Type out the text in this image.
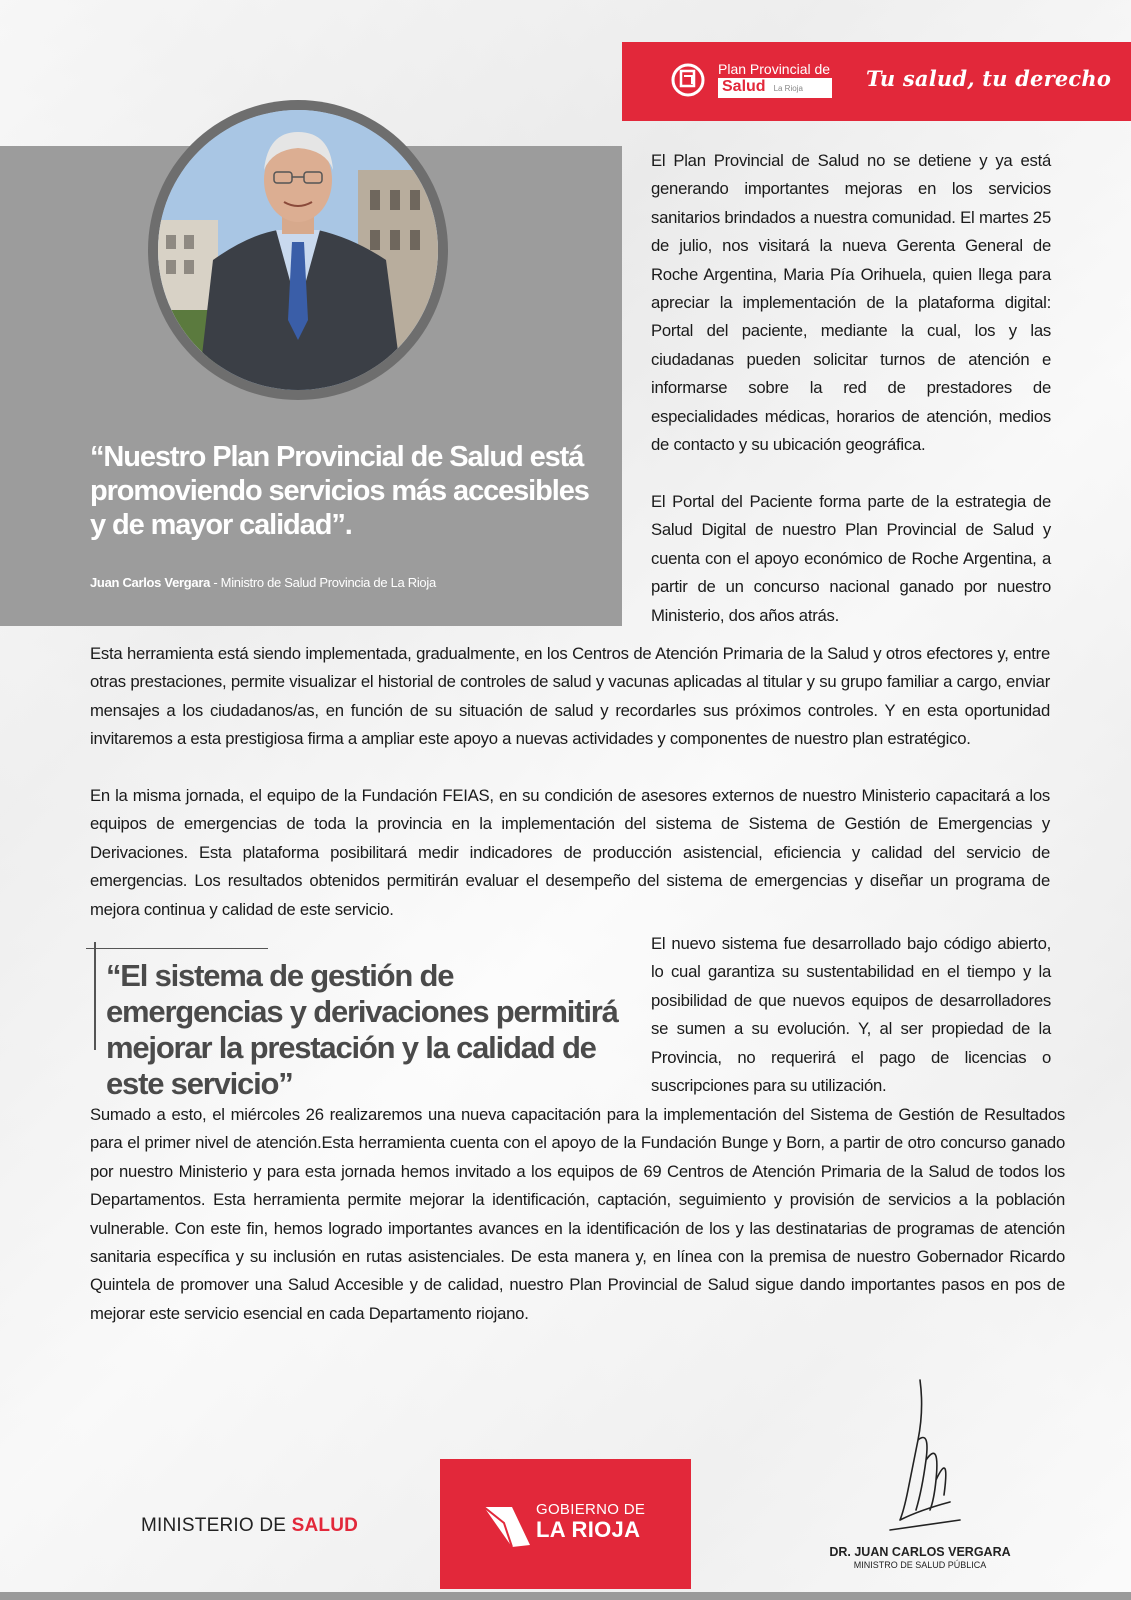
Plan Provincial de
Salud La Rioja	Tu salud, tu derecho
“Nuestro Plan Provincial de Salud está promoviendo servicios más accesibles y de mayor calidad”.
Juan Carlos Vergara - Ministro de Salud Provincia de La Rioja

El Plan Provincial de Salud no se detiene y ya está generando importantes mejoras en los servicios sanitarios brindados a nuestra comunidad. El martes 25 de julio, nos visitará la nueva Gerenta General de Roche Argentina, Maria Pía Orihuela, quien llega para apreciar la implementación de la plataforma digital: Portal del paciente, mediante la cual, los y las ciudadanas pueden solicitar turnos de atención e informarse sobre la red de prestadores de especialidades médicas, horarios de atención, medios de contacto y su ubicación geográfica.

El Portal del Paciente forma parte de la estrategia de Salud Digital de nuestro Plan Provincial de Salud y cuenta con el apoyo económico de Roche Argentina, a partir de un concurso nacional ganado por nuestro Ministerio, dos años atrás.

Esta herramienta está siendo implementada, gradualmente, en los Centros de Atención Primaria de la Salud y otros efectores y, entre otras prestaciones, permite visualizar el historial de controles de salud y vacunas aplicadas al titular y su grupo familiar a cargo, enviar mensajes a los ciudadanos/as, en función de su situación de salud y recordarles sus próximos controles. Y en esta oportunidad invitaremos a esta prestigiosa firma a ampliar este apoyo a nuevas actividades y componentes de nuestro plan estratégico.

En la misma jornada, el equipo de la Fundación FEIAS, en su condición de asesores externos de nuestro Ministerio capacitará a los equipos de emergencias de toda la provincia en la implementación del sistema de Sistema de Gestión de Emergencias y Derivaciones. Esta plataforma posibilitará medir indicadores de producción asistencial, eficiencia y calidad del servicio de emergencias. Los resultados obtenidos permitirán evaluar el desempeño del sistema de emergencias y diseñar un programa de mejora continua y calidad de este servicio.

“El sistema de gestión de emergencias y derivaciones permitirá mejorar la prestación y la calidad de este servicio”

El nuevo sistema fue desarrollado bajo código abierto, lo cual garantiza su sustentabilidad en el tiempo y la posibilidad de que nuevos equipos de desarrolladores se sumen a su evolución. Y, al ser propiedad de la Provincia, no requerirá el pago de licencias o suscripciones para su utilización.

Sumado a esto, el miércoles 26 realizaremos una nueva capacitación para la implementación del Sistema de Gestión de Resultados para el primer nivel de atención.Esta herramienta cuenta con el apoyo de la Fundación Bunge y Born, a partir de otro concurso ganado por nuestro Ministerio y para esta jornada hemos invitado a los equipos de 69 Centros de Atención Primaria de la Salud de todos los Departamentos. Esta herramienta permite mejorar la identificación, captación, seguimiento y provisión de servicios a la población vulnerable. Con este fin, hemos logrado importantes avances en la identificación de los y las destinatarias de programas de atención sanitaria específica y su inclusión en rutas asistenciales. De esta manera y, en línea con la premisa de nuestro Gobernador Ricardo Quintela de promover una Salud Accesible y de calidad, nuestro Plan Provincial de Salud sigue dando importantes pasos en pos de mejorar este servicio esencial en cada Departamento riojano.

DR. JUAN CARLOS VERGARA
MINISTRO DE SALUD PÚBLICA
MINISTERIO DE SALUD
GOBIERNO DE
LA RIOJA
